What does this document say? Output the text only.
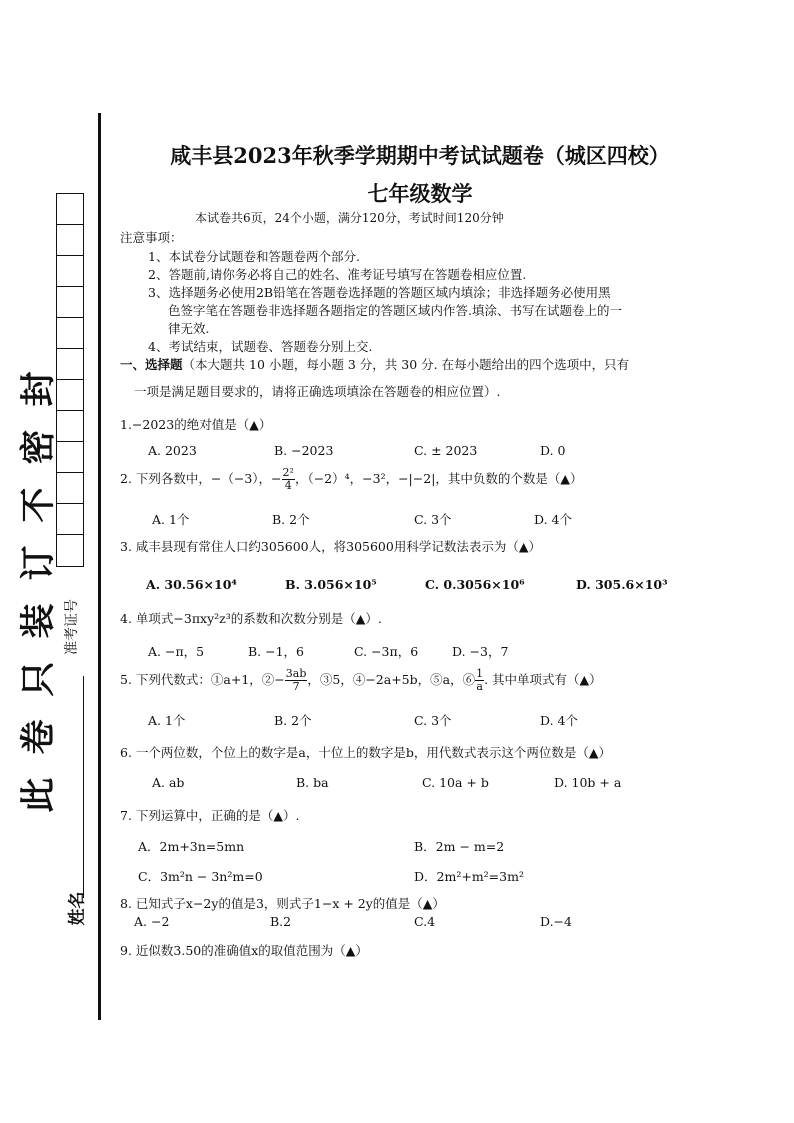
封
密
不
订
装
只
卷
此
准考证号
姓名
咸丰县2023年秋季学期期中考试试题卷（城区四校）
七年级数学
本试卷共6页，24个小题，满分120分，考试时间120分钟
注意事项：
1、本试卷分试题卷和答题卷两个部分.
2、答题前,请你务必将自己的姓名、准考证号填写在答题卷相应位置.
3、选择题务必使用2B铅笔在答题卷选择题的答题区域内填涂；非选择题务必使用黑
色签字笔在答题卷非选择题各题指定的答题区域内作答.填涂、书写在试题卷上的一
律无效.
4、考试结束，试题卷、答题卷分别上交.
一、选择题（本大题共 10 小题，每小题 3 分，共 30 分. 在每小题给出的四个选项中，只有
一项是满足题目要求的，请将正确选项填涂在答题卷的相应位置）.
1.−2023的绝对值是（▲）
A. 2023	B. −2023	C. ± 2023	D. 0
2. 下列各数中，−（−3），− $\frac{\text{2²}}{4}$ ，（−2）⁴，−3²，−|−2|，其中负数的个数是（▲）
A. 1个	B. 2个	C. 3个	D. 4个
3. 咸丰县现有常住人口约305600人，将305600用科学记数法表示为（▲）
A. 30.56×10⁴	B. 3.056×10⁵	C. 0.3056×10⁶	D. 305.6×10³
4. 单项式−3πxy²z³的系数和次数分别是（▲）.
A. −π，5	B. −1，6	C. −3π，6	D. −3，7
5. 下列代数式：①a+1，②− $\frac{3ab}{7}$ ，③5，④−2a+5b，⑤a，⑥ $\frac{1}{a}$ . 其中单项式有（▲）
A. 1个	B. 2个	C. 3个	D. 4个
6. 一个两位数，个位上的数字是a，十位上的数字是b，用代数式表示这个两位数是（▲）
A. ab	B. ba	C. 10a + b	D. 10b + a
7. 下列运算中，正确的是（▲）.
A．2m+3n=5mn	B．2m − m=2
C．3m²n − 3n²m=0	D．2m²+m²=3m²
8. 已知式子x−2y的值是3，则式子1−x + 2y的值是（▲）
A. −2	B.2	C.4	D.−4
9. 近似数3.50的准确值x的取值范围为（▲）
